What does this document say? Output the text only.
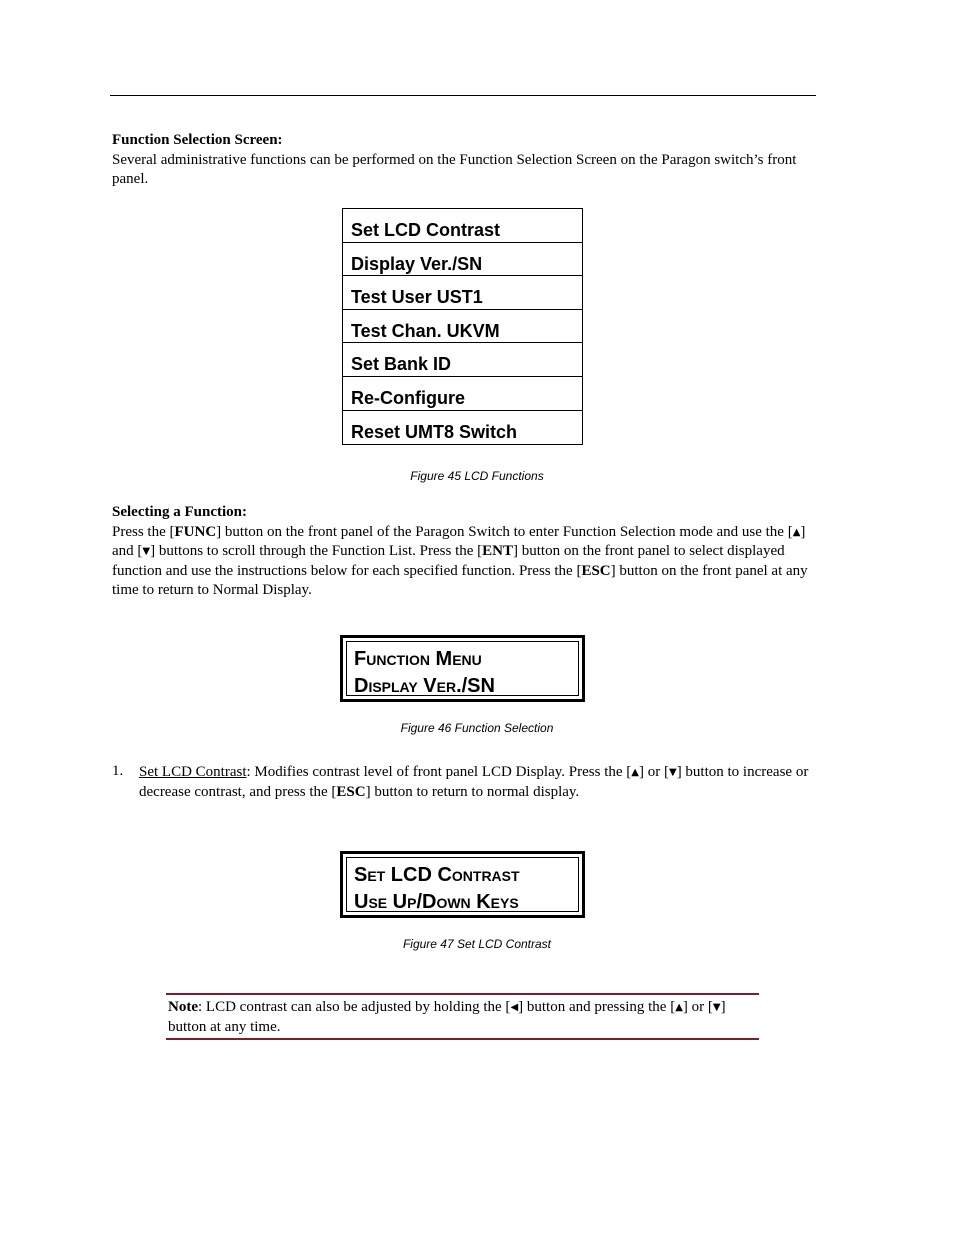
Function Selection Screen:
Several administrative functions can be performed on the Function Selection Screen on the Paragon switch’s front panel.
Set LCD Contrast
Display Ver./SN
Test User UST1
Test Chan. UKVM
Set Bank ID
Re-Configure
Reset UMT8 Switch
Figure 45 LCD Functions
Selecting a Function:
Press the [FUNC] button on the front panel of the Paragon Switch to enter Function Selection mode and use the [▲] and [▼] buttons to scroll through the Function List. Press the [ENT] button on the front panel to select displayed function and use the instructions below for each specified function. Press the [ESC] button on the front panel at any time to return to Normal Display.
Function Menu
Display Ver./SN
Figure 46 Function Selection
1. Set LCD Contrast: Modifies contrast level of front panel LCD Display. Press the [▲] or [▼] button to increase or decrease contrast, and press the [ESC] button to return to normal display.
Set LCD Contrast
Use Up/Down Keys
Figure 47 Set LCD Contrast
Note: LCD contrast can also be adjusted by holding the [◀] button and pressing the [▲] or [▼] button at any time.
